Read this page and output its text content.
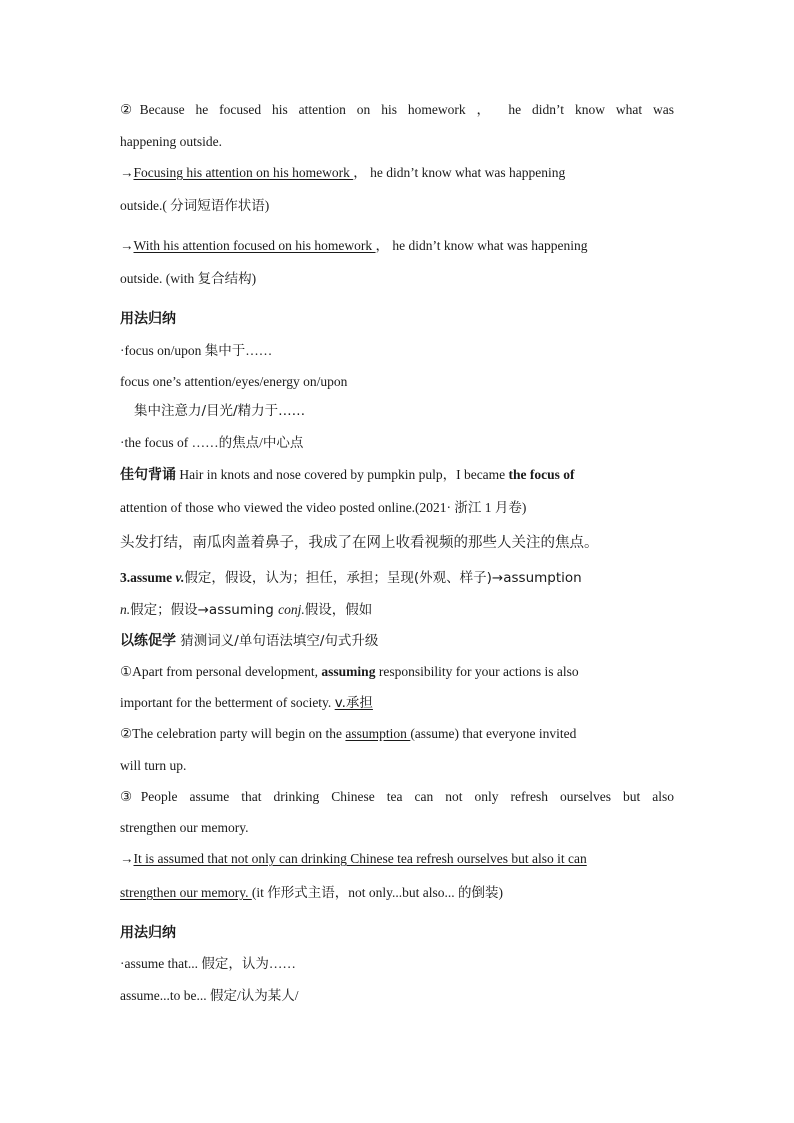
②Because he focused his attention on his homework ， he didn’t know what was
happening outside.
→Focusing his attention on his homework ， he didn’t know what was happening
outside.( 分词短语作状语)
→With his attention focused on his homework ， he didn’t know what was happening
outside. (with 复合结构)
用法归纳
·focus on/upon 集中于……
focus one’s attention/eyes/energy on/upon
集中注意力/目光/精力于……
·the focus of ……的焦点/中心点
佳句背诵 Hair in knots and nose covered by pumpkin pulp，I became the focus of
attention of those who viewed the video posted online.(2021· 浙江 1 月卷)
头发打结，南瓜肉盖着鼻子，我成了在网上收看视频的那些人关注的焦点。
3.assume v.假定，假设，认为；担任，承担；呈现(外观、样子)→assumption
n.假定；假设→assuming conj.假设，假如
以练促学 猜测词义/单句语法填空/句式升级
①Apart from personal development, assuming responsibility for your actions is also
important for the betterment of society. v.承担
②The celebration party will begin on the assumption (assume) that everyone invited
will turn up.
③People assume that drinking Chinese tea can not only refresh ourselves but also
strengthen our memory.
→It is assumed that not only can drinking Chinese tea refresh ourselves but also it can
strengthen our memory. (it 作形式主语，not only...but also... 的倒装)
用法归纳
·assume that... 假定，认为……
assume...to be... 假定/认为某人/
